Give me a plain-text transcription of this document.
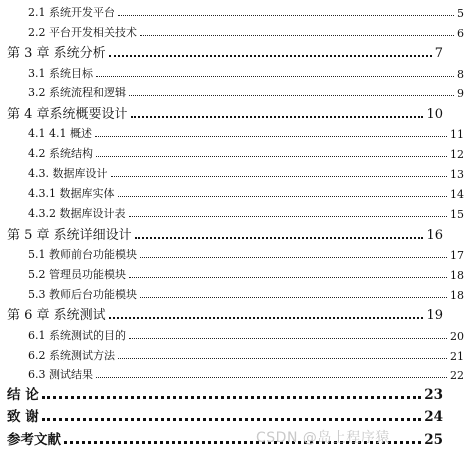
2.1 系统开发平台	5
2.2 平台开发相关技术	6
第 3 章 系统分析	7
3.1 系统目标	8
3.2 系统流程和逻辑	9
第 4 章系统概要设计	10
4.1 4.1 概述	11
4.2 系统结构	12
4.3. 数据库设计	13
4.3.1 数据库实体	14
4.3.2 数据库设计表	15
第 5 章 系统详细设计	16
5.1 教师前台功能模块	17
5.2 管理员功能模块	18
5.3 教师后台功能模块	18
第 6 章 系统测试	19
6.1 系统测试的目的	20
6.2 系统测试方法	21
6.3 测试结果	22
结 论	23
致 谢	24
参考文献	25
CSDN @岛上程序猿
